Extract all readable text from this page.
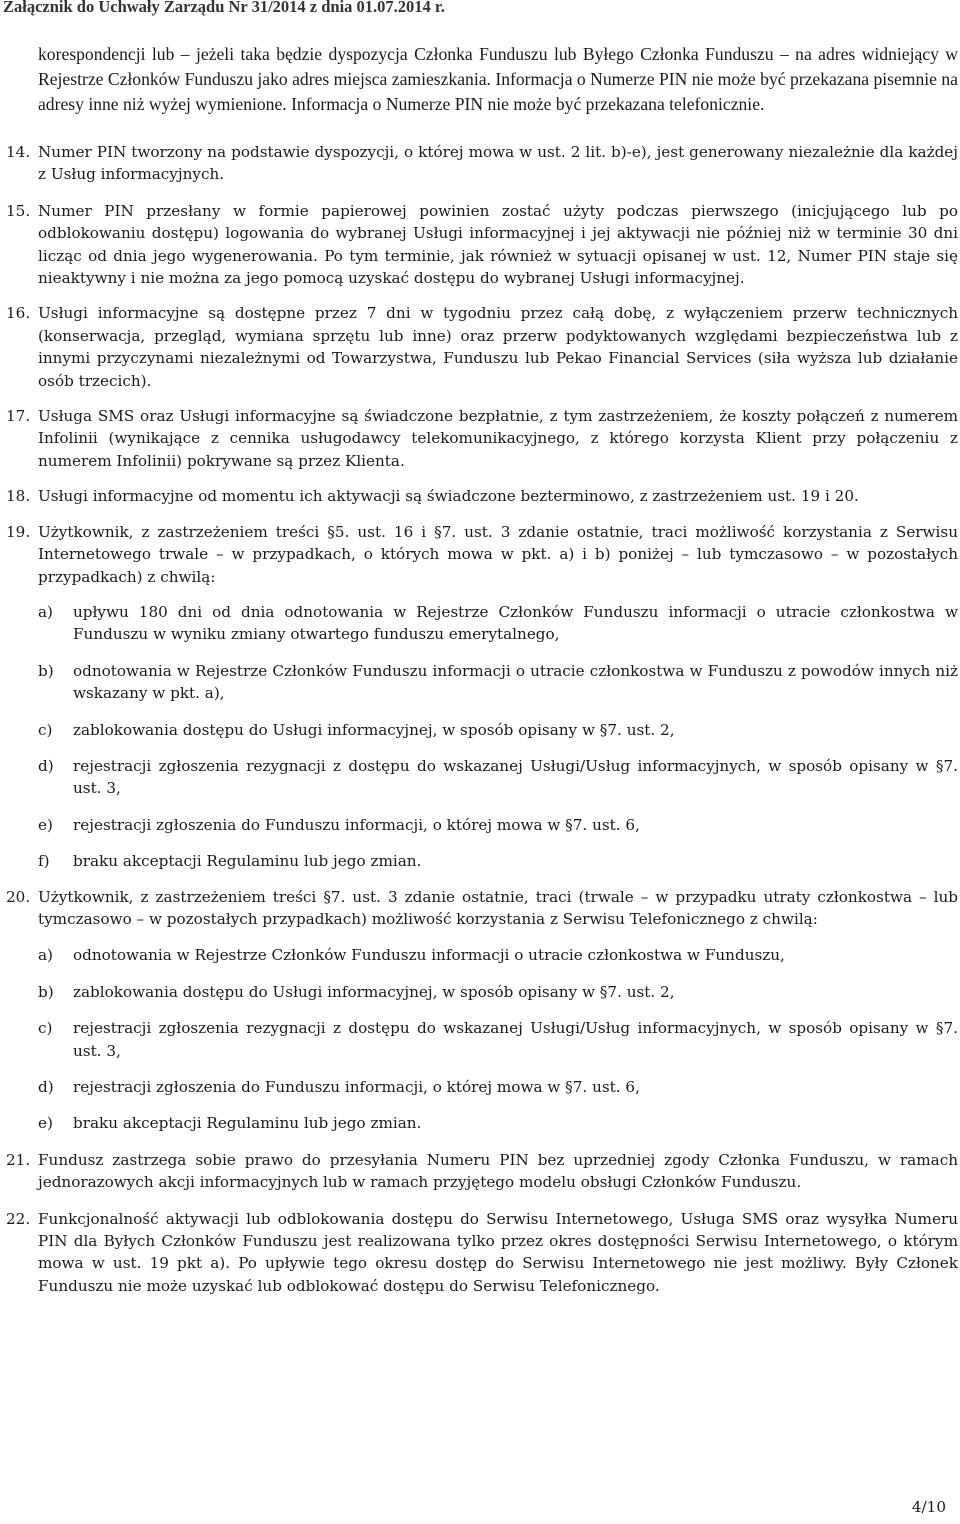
Załącznik do Uchwały Zarządu Nr 31/2014 z dnia 01.07.2014 r.

korespondencji lub – jeżeli taka będzie dyspozycja Członka Funduszu lub Byłego Członka Funduszu – na adres widniejący w Rejestrze Członków Funduszu jako adres miejsca zamieszkania. Informacja o Numerze PIN nie może być przekazana pisemnie na adresy inne niż wyżej wymienione. Informacja o Numerze PIN nie może być przekazana telefonicznie.

14. Numer PIN tworzony na podstawie dyspozycji, o której mowa w ust. 2 lit. b)-e), jest generowany niezależnie dla każdej z Usług informacyjnych.
15. Numer PIN przesłany w formie papierowej powinien zostać użyty podczas pierwszego (inicjującego lub po odblokowaniu dostępu) logowania do wybranej Usługi informacyjnej i jej aktywacji nie później niż w terminie 30 dni licząc od dnia jego wygenerowania. Po tym terminie, jak również w sytuacji opisanej w ust. 12, Numer PIN staje się nieaktywny i nie można za jego pomocą uzyskać dostępu do wybranej Usługi informacyjnej.
16. Usługi informacyjne są dostępne przez 7 dni w tygodniu przez całą dobę, z wyłączeniem przerw technicznych (konserwacja, przegląd, wymiana sprzętu lub inne) oraz przerw podyktowanych względami bezpieczeństwa lub z innymi przyczynami niezależnymi od Towarzystwa, Funduszu lub Pekao Financial Services (siła wyższa lub działanie osób trzecich).
17. Usługa SMS oraz Usługi informacyjne są świadczone bezpłatnie, z tym zastrzeżeniem, że koszty połączeń z numerem Infolinii (wynikające z cennika usługodawcy telekomunikacyjnego, z którego korzysta Klient przy połączeniu z numerem Infolinii) pokrywane są przez Klienta.
18. Usługi informacyjne od momentu ich aktywacji są świadczone bezterminowo, z zastrzeżeniem ust. 19 i 20.
19. Użytkownik, z zastrzeżeniem treści §5. ust. 16 i §7. ust. 3 zdanie ostatnie, traci możliwość korzystania z Serwisu Internetowego trwale – w przypadkach, o których mowa w pkt. a) i b) poniżej – lub tymczasowo – w pozostałych przypadkach) z chwilą:
a) upływu 180 dni od dnia odnotowania w Rejestrze Członków Funduszu informacji o utracie członkostwa w Funduszu w wyniku zmiany otwartego funduszu emerytalnego,
b) odnotowania w Rejestrze Członków Funduszu informacji o utracie członkostwa w Funduszu z powodów innych niż wskazany w pkt. a),
c) zablokowania dostępu do Usługi informacyjnej, w sposób opisany w §7. ust. 2,
d) rejestracji zgłoszenia rezygnacji z dostępu do wskazanej Usługi/Usług informacyjnych, w sposób opisany w §7. ust. 3,
e) rejestracji zgłoszenia do Funduszu informacji, o której mowa w §7. ust. 6,
f) braku akceptacji Regulaminu lub jego zmian.
20. Użytkownik, z zastrzeżeniem treści §7. ust. 3 zdanie ostatnie, traci (trwale – w przypadku utraty członkostwa – lub tymczasowo – w pozostałych przypadkach) możliwość korzystania z Serwisu Telefonicznego z chwilą:
a) odnotowania w Rejestrze Członków Funduszu informacji o utracie członkostwa w Funduszu,
b) zablokowania dostępu do Usługi informacyjnej, w sposób opisany w §7. ust. 2,
c) rejestracji zgłoszenia rezygnacji z dostępu do wskazanej Usługi/Usług informacyjnych, w sposób opisany w §7. ust. 3,
d) rejestracji zgłoszenia do Funduszu informacji, o której mowa w §7. ust. 6,
e) braku akceptacji Regulaminu lub jego zmian.
21. Fundusz zastrzega sobie prawo do przesyłania Numeru PIN bez uprzedniej zgody Członka Funduszu, w ramach jednorazowych akcji informacyjnych lub w ramach przyjętego modelu obsługi Członków Funduszu.
22. Funkcjonalność aktywacji lub odblokowania dostępu do Serwisu Internetowego, Usługa SMS oraz wysyłka Numeru PIN dla Byłych Członków Funduszu jest realizowana tylko przez okres dostępności Serwisu Internetowego, o którym mowa w ust. 19 pkt a). Po upływie tego okresu dostęp do Serwisu Internetowego nie jest możliwy. Były Członek Funduszu nie może uzyskać lub odblokować dostępu do Serwisu Telefonicznego.
4/10
